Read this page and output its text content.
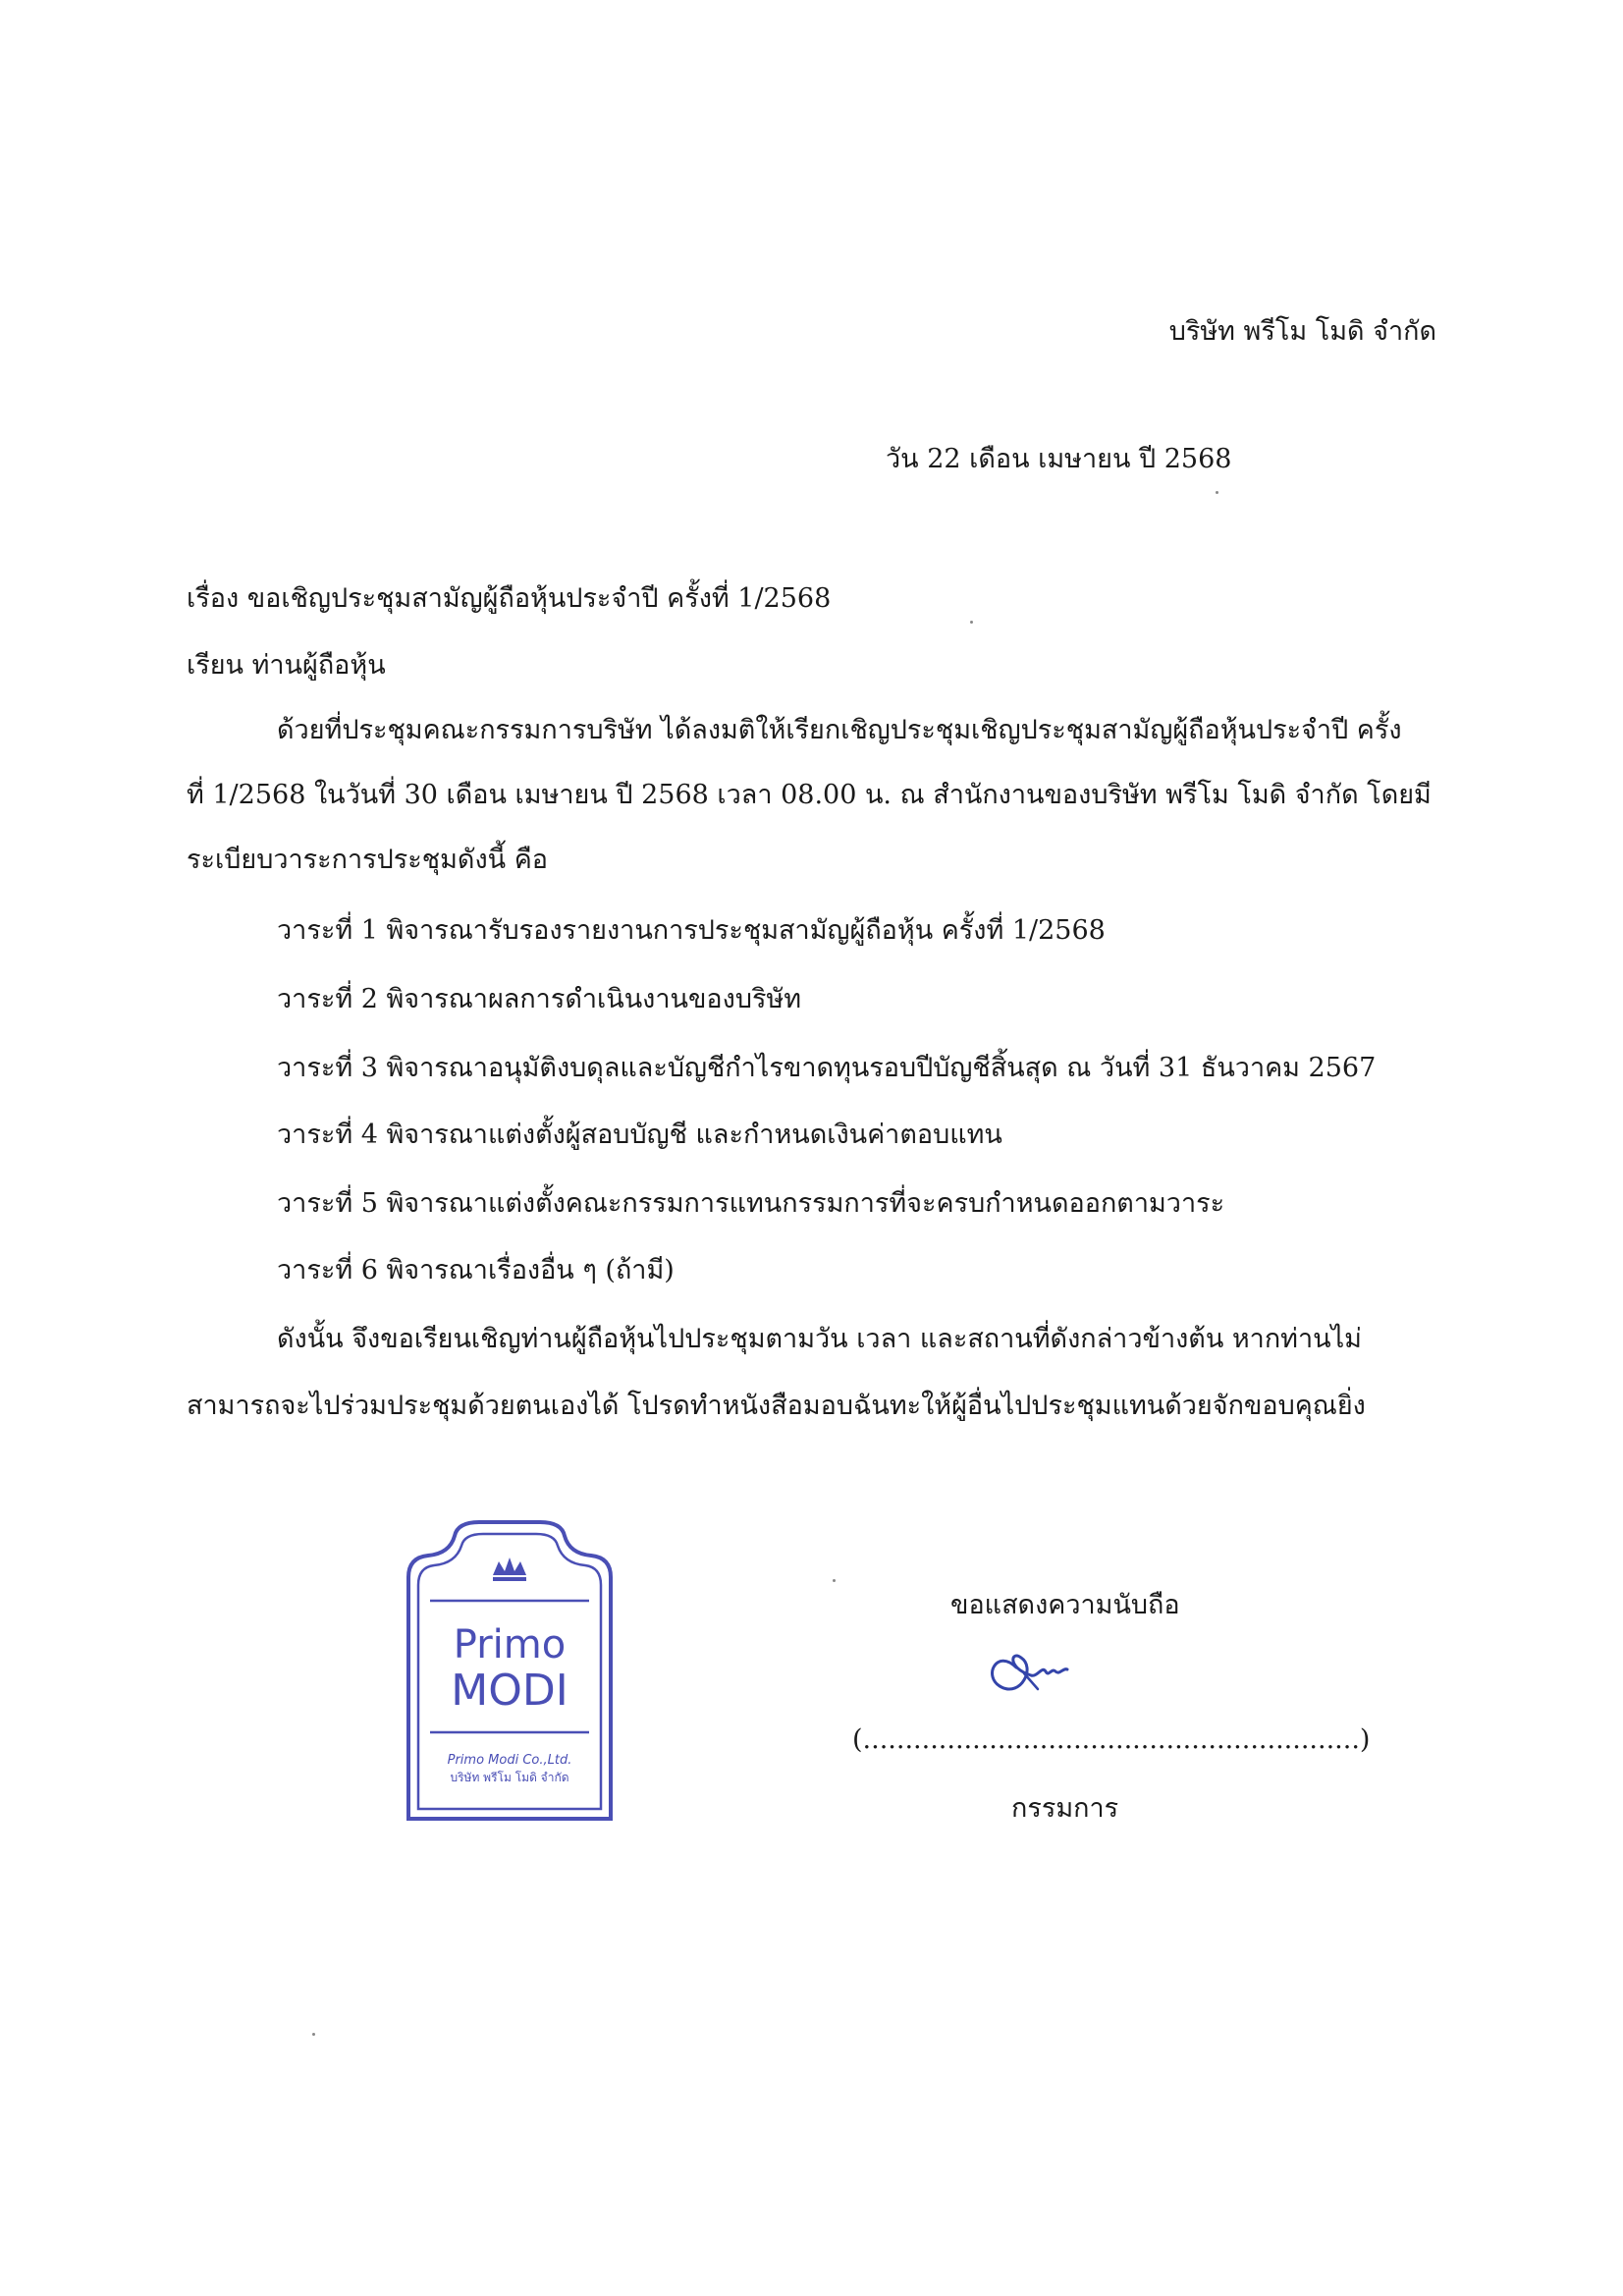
บริษัท พรีโม โมดิ จำกัด
วัน 22 เดือน เมษายน ปี 2568
เรื่อง ขอเชิญประชุมสามัญผู้ถือหุ้นประจำปี ครั้งที่ 1/2568
เรียน ท่านผู้ถือหุ้น
ด้วยที่ประชุมคณะกรรมการบริษัท ได้ลงมติให้เรียกเชิญประชุมเชิญประชุมสามัญผู้ถือหุ้นประจำปี ครั้ง
ที่ 1/2568 ในวันที่ 30 เดือน เมษายน ปี 2568 เวลา 08.00 น. ณ สำนักงานของบริษัท พรีโม โมดิ จำกัด โดยมี
ระเบียบวาระการประชุมดังนี้ คือ
วาระที่ 1 พิจารณารับรองรายงานการประชุมสามัญผู้ถือหุ้น ครั้งที่ 1/2568
วาระที่ 2 พิจารณาผลการดำเนินงานของบริษัท
วาระที่ 3 พิจารณาอนุมัติงบดุลและบัญชีกำไรขาดทุนรอบปีบัญชีสิ้นสุด ณ วันที่ 31 ธันวาคม 2567
วาระที่ 4 พิจารณาแต่งตั้งผู้สอบบัญชี และกำหนดเงินค่าตอบแทน
วาระที่ 5 พิจารณาแต่งตั้งคณะกรรมการแทนกรรมการที่จะครบกำหนดออกตามวาระ
วาระที่ 6 พิจารณาเรื่องอื่น ๆ (ถ้ามี)
ดังนั้น จึงขอเรียนเชิญท่านผู้ถือหุ้นไปประชุมตามวัน เวลา และสถานที่ดังกล่าวข้างต้น หากท่านไม่
สามารถจะไปร่วมประชุมด้วยตนเองได้ โปรดทำหนังสือมอบฉันทะให้ผู้อื่นไปประชุมแทนด้วยจักขอบคุณยิ่ง
Primo
MODI
Primo Modi Co.,Ltd.
บริษัท พรีโม โมดิ จำกัด
ขอแสดงความนับถือ
(...........................................................)
กรรมการ
